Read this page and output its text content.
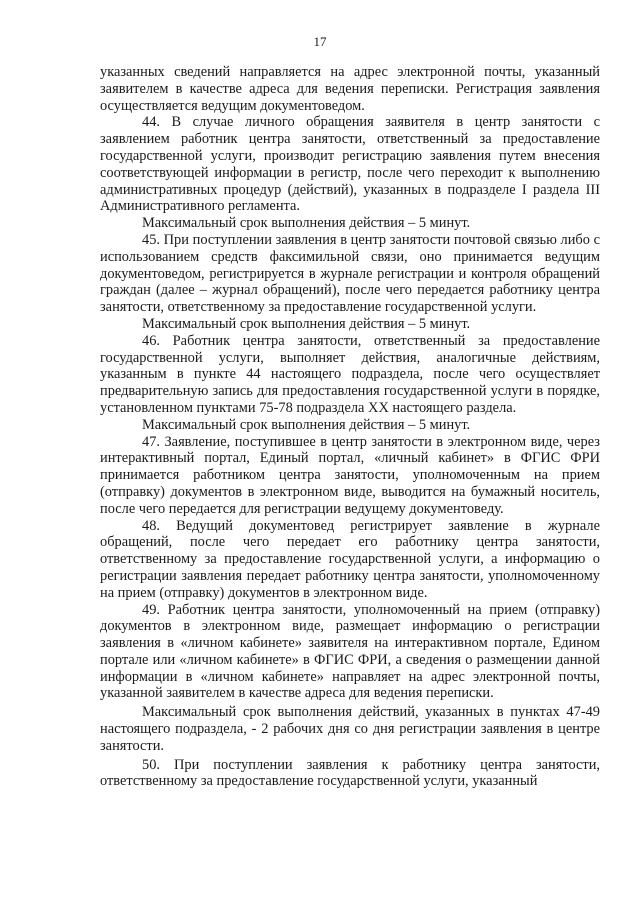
17

указанных сведений направляется на адрес электронной почты, указанный заявителем в качестве адреса для ведения переписки. Регистрация заявления осуществляется ведущим документоведом.

44. В случае личного обращения заявителя в центр занятости с заявлением работник центра занятости, ответственный за предоставление государственной услуги, производит регистрацию заявления путем внесения соответствующей информации в регистр, после чего переходит к выполнению административных процедур (действий), указанных в подразделе I раздела III Административного регламента.

Максимальный срок выполнения действия – 5 минут.

45. При поступлении заявления в центр занятости почтовой связью либо с использованием средств факсимильной связи, оно принимается ведущим документоведом, регистрируется в журнале регистрации и контроля обращений граждан (далее – журнал обращений), после чего передается работнику центра занятости, ответственному за предоставление государственной услуги.

Максимальный срок выполнения действия – 5 минут.

46. Работник центра занятости, ответственный за предоставление государственной услуги, выполняет действия, аналогичные действиям, указанным в пункте 44 настоящего подраздела, после чего осуществляет предварительную запись для предоставления государственной услуги в порядке, установленном пунктами 75-78 подраздела XX настоящего раздела.

Максимальный срок выполнения действия – 5 минут.

47. Заявление, поступившее в центр занятости в электронном виде, через интерактивный портал, Единый портал, «личный кабинет» в ФГИС ФРИ принимается работником центра занятости, уполномоченным на прием (отправку) документов в электронном виде, выводится на бумажный носитель, после чего передается для регистрации ведущему документоведу.

48. Ведущий документовед регистрирует заявление в журнале обращений, после чего передает его работнику центра занятости, ответственному за предоставление государственной услуги, а информацию о регистрации заявления передает работнику центра занятости, уполномоченному на прием (отправку) документов в электронном виде.

49. Работник центра занятости, уполномоченный на прием (отправку) документов в электронном виде, размещает информацию о регистрации заявления в «личном кабинете» заявителя на интерактивном портале, Едином портале или «личном кабинете» в ФГИС ФРИ, а сведения о размещении данной информации в «личном кабинете» направляет на адрес электронной почты, указанной заявителем в качестве адреса для ведения переписки.

Максимальный срок выполнения действий, указанных в пунктах 47-49 настоящего подраздела, - 2 рабочих дня со дня регистрации заявления в центре занятости.

50. При поступлении заявления к работнику центра занятости, ответственному за предоставление государственной услуги, указанный
